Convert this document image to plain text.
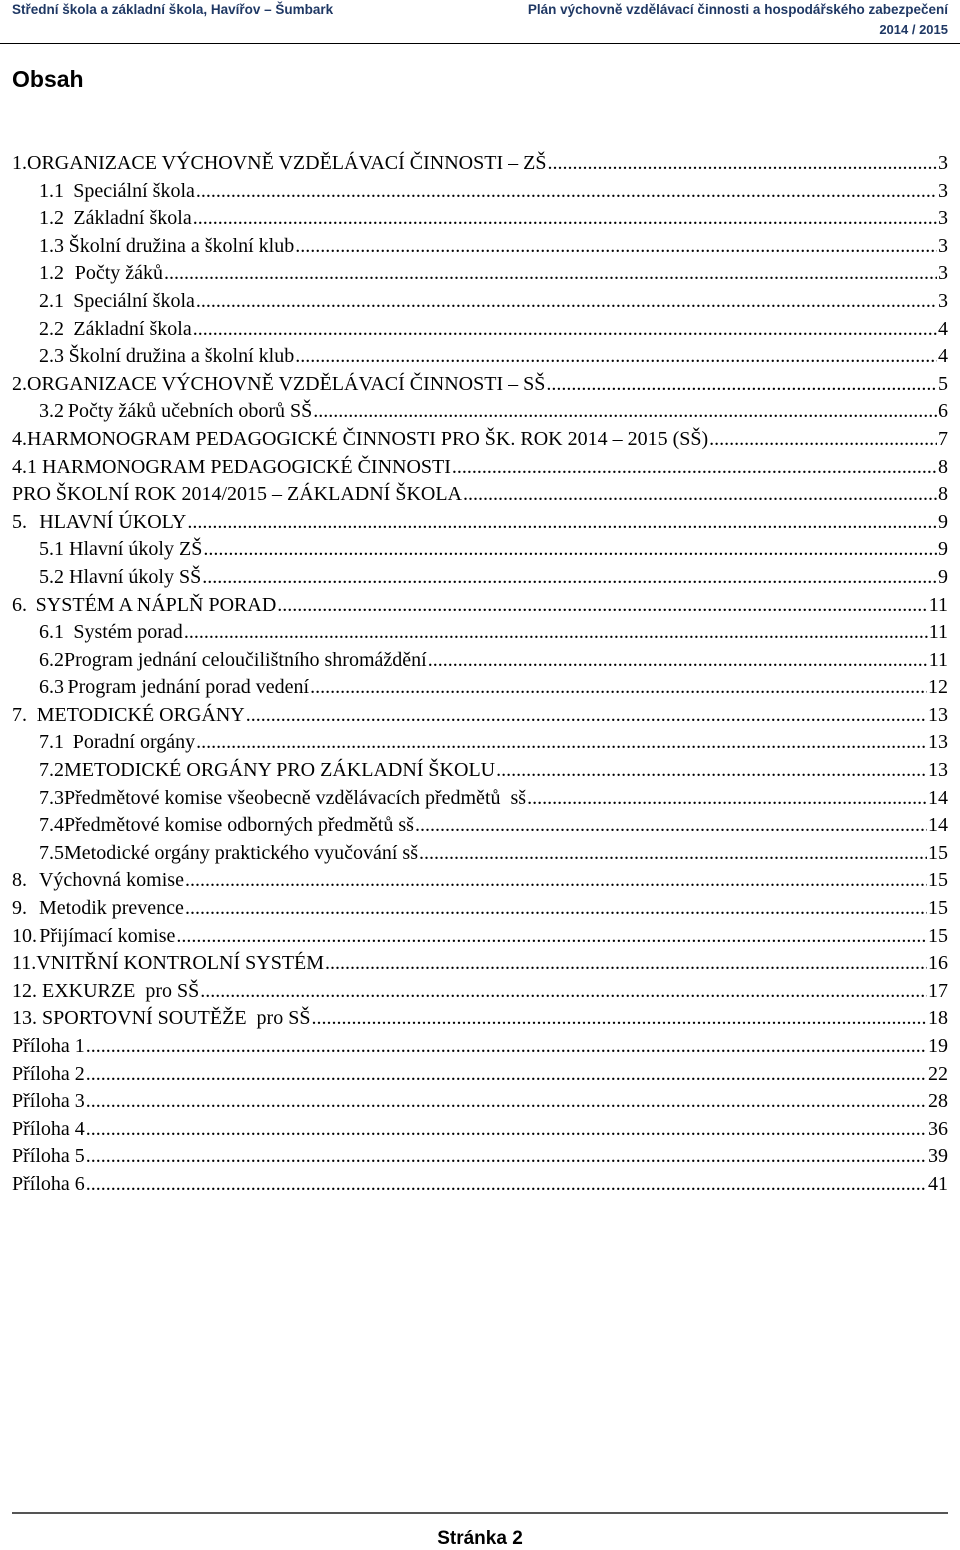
Střední škola a základní škola, Havířov – Šumbark	Plán výchovně vzdělávací činnosti a hospodářského zabezpečení
2014 / 2015
Obsah
1. ORGANIZACE VÝCHOVNĚ VZDĚLÁVACÍ ČINNOSTI – ZŠ .....	3
1.1 Speciální škola .....	3
1.2 Základní škola .....	3
1.3 Školní družina a školní klub .....	3
1.2 Počty žáků .....	3
2.1 Speciální škola .....	3
2.2 Základní škola .....	4
2.3 Školní družina a školní klub .....	4
2. ORGANIZACE VÝCHOVNĚ VZDĚLÁVACÍ ČINNOSTI – SŠ .....	5
3.2 Počty žáků učebních oborů SŠ .....	6
4. HARMONOGRAM PEDAGOGICKÉ ČINNOSTI PRO ŠK. ROK 2014 – 2015 (SŠ) .....	7
4.1 HARMONOGRAM PEDAGOGICKÉ ČINNOSTI .....	8
PRO ŠKOLNÍ ROK 2014/2015 – ZÁKLADNÍ ŠKOLA .....	8
5. HLAVNÍ ÚKOLY .....	9
5.1 Hlavní úkoly ZŠ .....	9
5.2 Hlavní úkoly SŠ .....	9
6. SYSTÉM A NÁPLŇ PORAD .....	11
6.1 Systém porad .....	11
6.2 Program jednání celoučilištního shromáždění .....	11
6.3 Program jednání porad vedení .....	12
7. METODICKÉ ORGÁNY .....	13
7.1 Poradní orgány .....	13
7.2 METODICKÉ ORGÁNY PRO ZÁKLADNÍ ŠKOLU .....	13
7.3 Předmětové komise všeobecně vzdělávacích předmětů  sš .....	14
7.4 Předmětové komise odborných předmětů sš .....	14
7.5 Metodické orgány praktického vyučování sš .....	15
8. Výchovná komise .....	15
9. Metodik prevence .....	15
10. Přijímací komise .....	15
11. VNITŘNÍ KONTROLNÍ SYSTÉM .....	16
12. EXKURZE  pro SŠ .....	17
13. SPORTOVNÍ SOUTĚŽE  pro SŠ .....	18
Příloha 1 .....	19
Příloha 2 .....	22
Příloha 3 .....	28
Příloha 4 .....	36
Příloha 5 .....	39
Příloha 6 .....	41
Stránka 2
